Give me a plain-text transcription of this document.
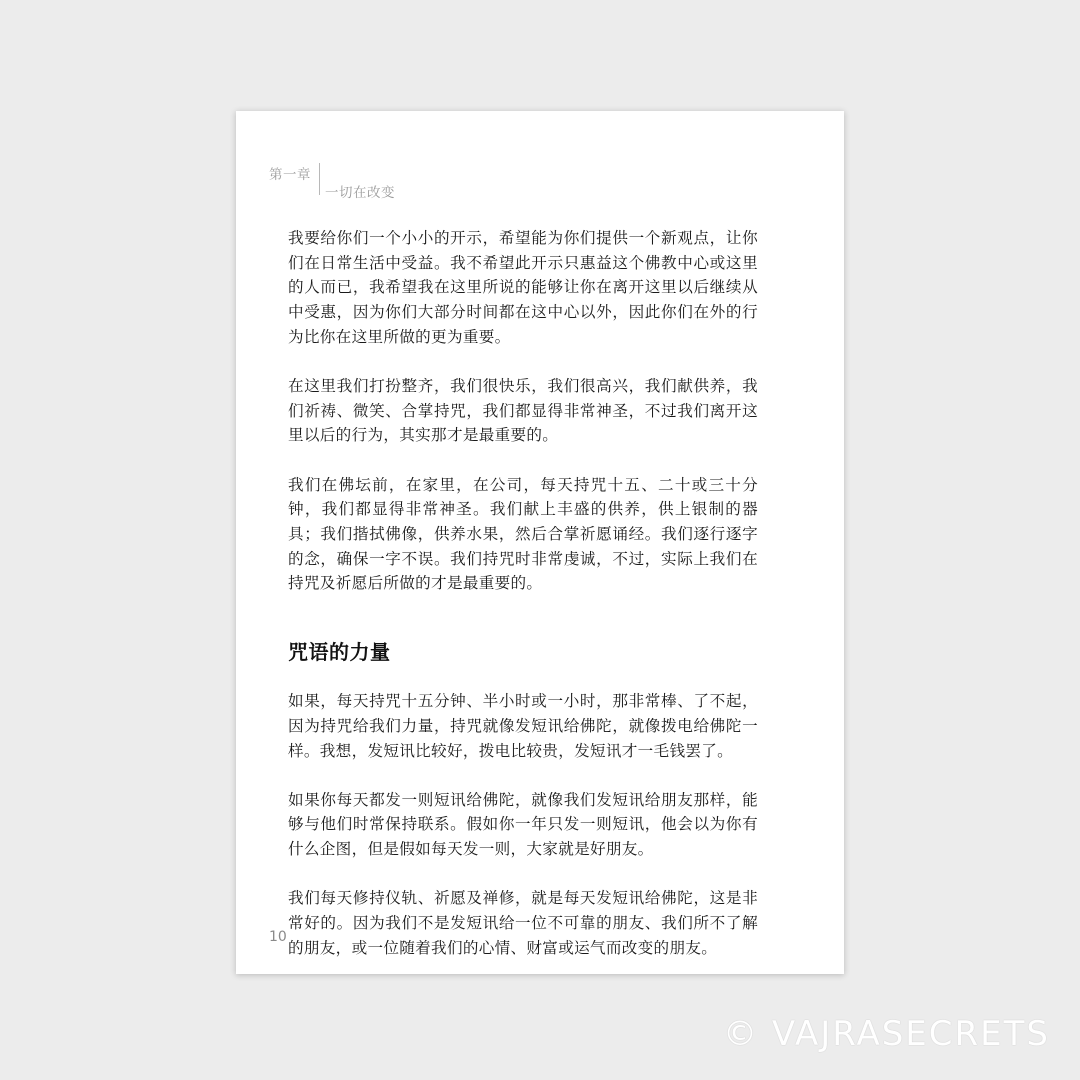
第一章
一切在改变

我要给你们一个小小的开示，希望能为你们提供一个新观点，让你们在日常生活中受益。我不希望此开示只惠益这个佛教中心或这里的人而已，我希望我在这里所说的能够让你在离开这里以后继续从中受惠，因为你们大部分时间都在这中心以外，因此你们在外的行为比你在这里所做的更为重要。

在这里我们打扮整齐，我们很快乐，我们很高兴，我们献供养，我们祈祷、微笑、合掌持咒，我们都显得非常神圣，不过我们离开这里以后的行为，其实那才是最重要的。

我们在佛坛前，在家里，在公司，每天持咒十五、二十或三十分钟，我们都显得非常神圣。我们献上丰盛的供养，供上银制的器具；我们揩拭佛像，供养水果，然后合掌祈愿诵经。我们逐行逐字的念，确保一字不误。我们持咒时非常虔诚，不过，实际上我们在持咒及祈愿后所做的才是最重要的。

咒语的力量

如果，每天持咒十五分钟、半小时或一小时，那非常棒、了不起，因为持咒给我们力量，持咒就像发短讯给佛陀，就像拨电给佛陀一样。我想，发短讯比较好，拨电比较贵，发短讯才一毛钱罢了。

如果你每天都发一则短讯给佛陀，就像我们发短讯给朋友那样，能够与他们时常保持联系。假如你一年只发一则短讯，他会以为你有什么企图，但是假如每天发一则，大家就是好朋友。

我们每天修持仪轨、祈愿及禅修，就是每天发短讯给佛陀，这是非常好的。因为我们不是发短讯给一位不可靠的朋友、我们所不了解的朋友，或一位随着我们的心情、财富或运气而改变的朋友。

10
© VAJRASECRETS
